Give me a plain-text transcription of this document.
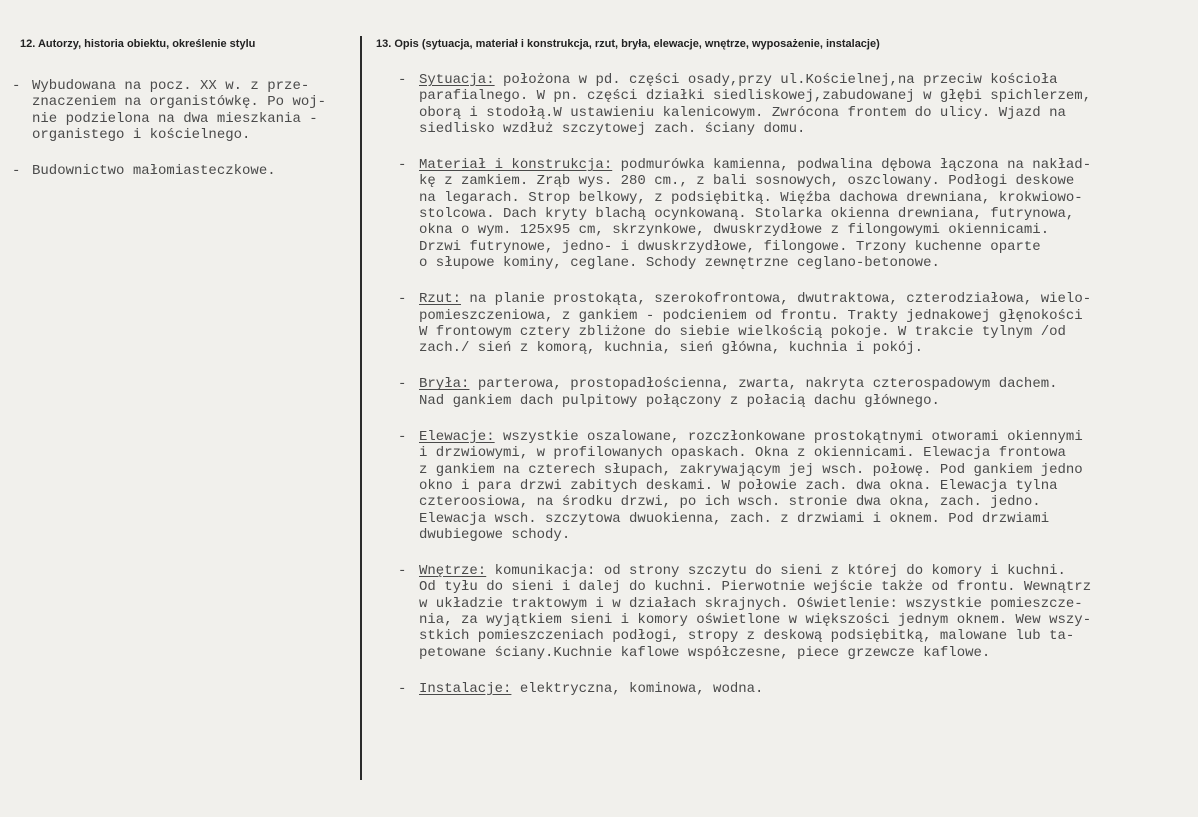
12. Autorzy, historia obiektu, określenie stylu	13. Opis (sytuacja, materiał i konstrukcja, rzut, bryła, elewacje, wnętrze, wyposażenie, instalacje)
- Wybudowana na pocz. XX w. z prze-
znaczeniem na organistówkę. Po woj-
nie podzielona na dwa mieszkania -
organistego i kościelnego.
- Budownictwo małomiasteczkowe.
- Sytuacja: położona w pd. części osady,przy ul.Kościelnej,na przeciw kościoła
parafialnego. W pn. części działki siedliskowej,zabudowanej w głębi spichlerzem,
oborą i stodołą.W ustawieniu kalenicowym. Zwrócona frontem do ulicy. Wjazd na
siedlisko wzdłuż szczytowej zach. ściany domu.
- Materiał i konstrukcja: podmurówka kamienna, podwalina dębowa łączona na nakład-
kę z zamkiem. Zrąb wys. 280 cm., z bali sosnowych, oszclowany. Podłogi deskowe
na legarach. Strop belkowy, z podsiębitką. Więźba dachowa drewniana, krokwiowo-
stolcowa. Dach kryty blachą ocynkowaną. Stolarka okienna drewniana, futrynowa,
okna o wym. 125x95 cm, skrzynkowe, dwuskrzydłowe z filongowymi okiennicami.
Drzwi futrynowe, jedno- i dwuskrzydłowe, filongowe. Trzony kuchenne oparte
o słupowe kominy, ceglane. Schody zewnętrzne ceglano-betonowe.
- Rzut: na planie prostokąta, szerokofrontowa, dwutraktowa, czterodziałowa, wielo-
pomieszczeniowa, z gankiem - podcieniem od frontu. Trakty jednakowej głęnokości
W frontowym cztery zbliżone do siebie wielkością pokoje. W trakcie tylnym /od
zach./ sień z komorą, kuchnia, sień główna, kuchnia i pokój.
- Bryła: parterowa, prostopadłościenna, zwarta, nakryta czterospadowym dachem.
Nad gankiem dach pulpitowy połączony z połacią dachu głównego.
- Elewacje: wszystkie oszalowane, rozczłonkowane prostokątnymi otworami okiennymi
i drzwiowymi, w profilowanych opaskach. Okna z okiennicami. Elewacja frontowa
z gankiem na czterech słupach, zakrywającym jej wsch. połowę. Pod gankiem jedno
okno i para drzwi zabitych deskami. W połowie zach. dwa okna. Elewacja tylna
czteroosiowa, na środku drzwi, po ich wsch. stronie dwa okna, zach. jedno.
Elewacja wsch. szczytowa dwuokienna, zach. z drzwiami i oknem. Pod drzwiami
dwubiegowe schody.
- Wnętrze: komunikacja: od strony szczytu do sieni z której do komory i kuchni.
Od tyłu do sieni i dalej do kuchni. Pierwotnie wejście także od frontu. Wewnątrz
w układzie traktowym i w działach skrajnych. Oświetlenie: wszystkie pomieszcze-
nia, za wyjątkiem sieni i komory oświetlone w większości jednym oknem. Wew wszy-
stkich pomieszczeniach podłogi, stropy z deskową podsiębitką, malowane lub ta-
petowane ściany.Kuchnie kaflowe współczesne, piece grzewcze kaflowe.
- Instalacje: elektryczna, kominowa, wodna.
